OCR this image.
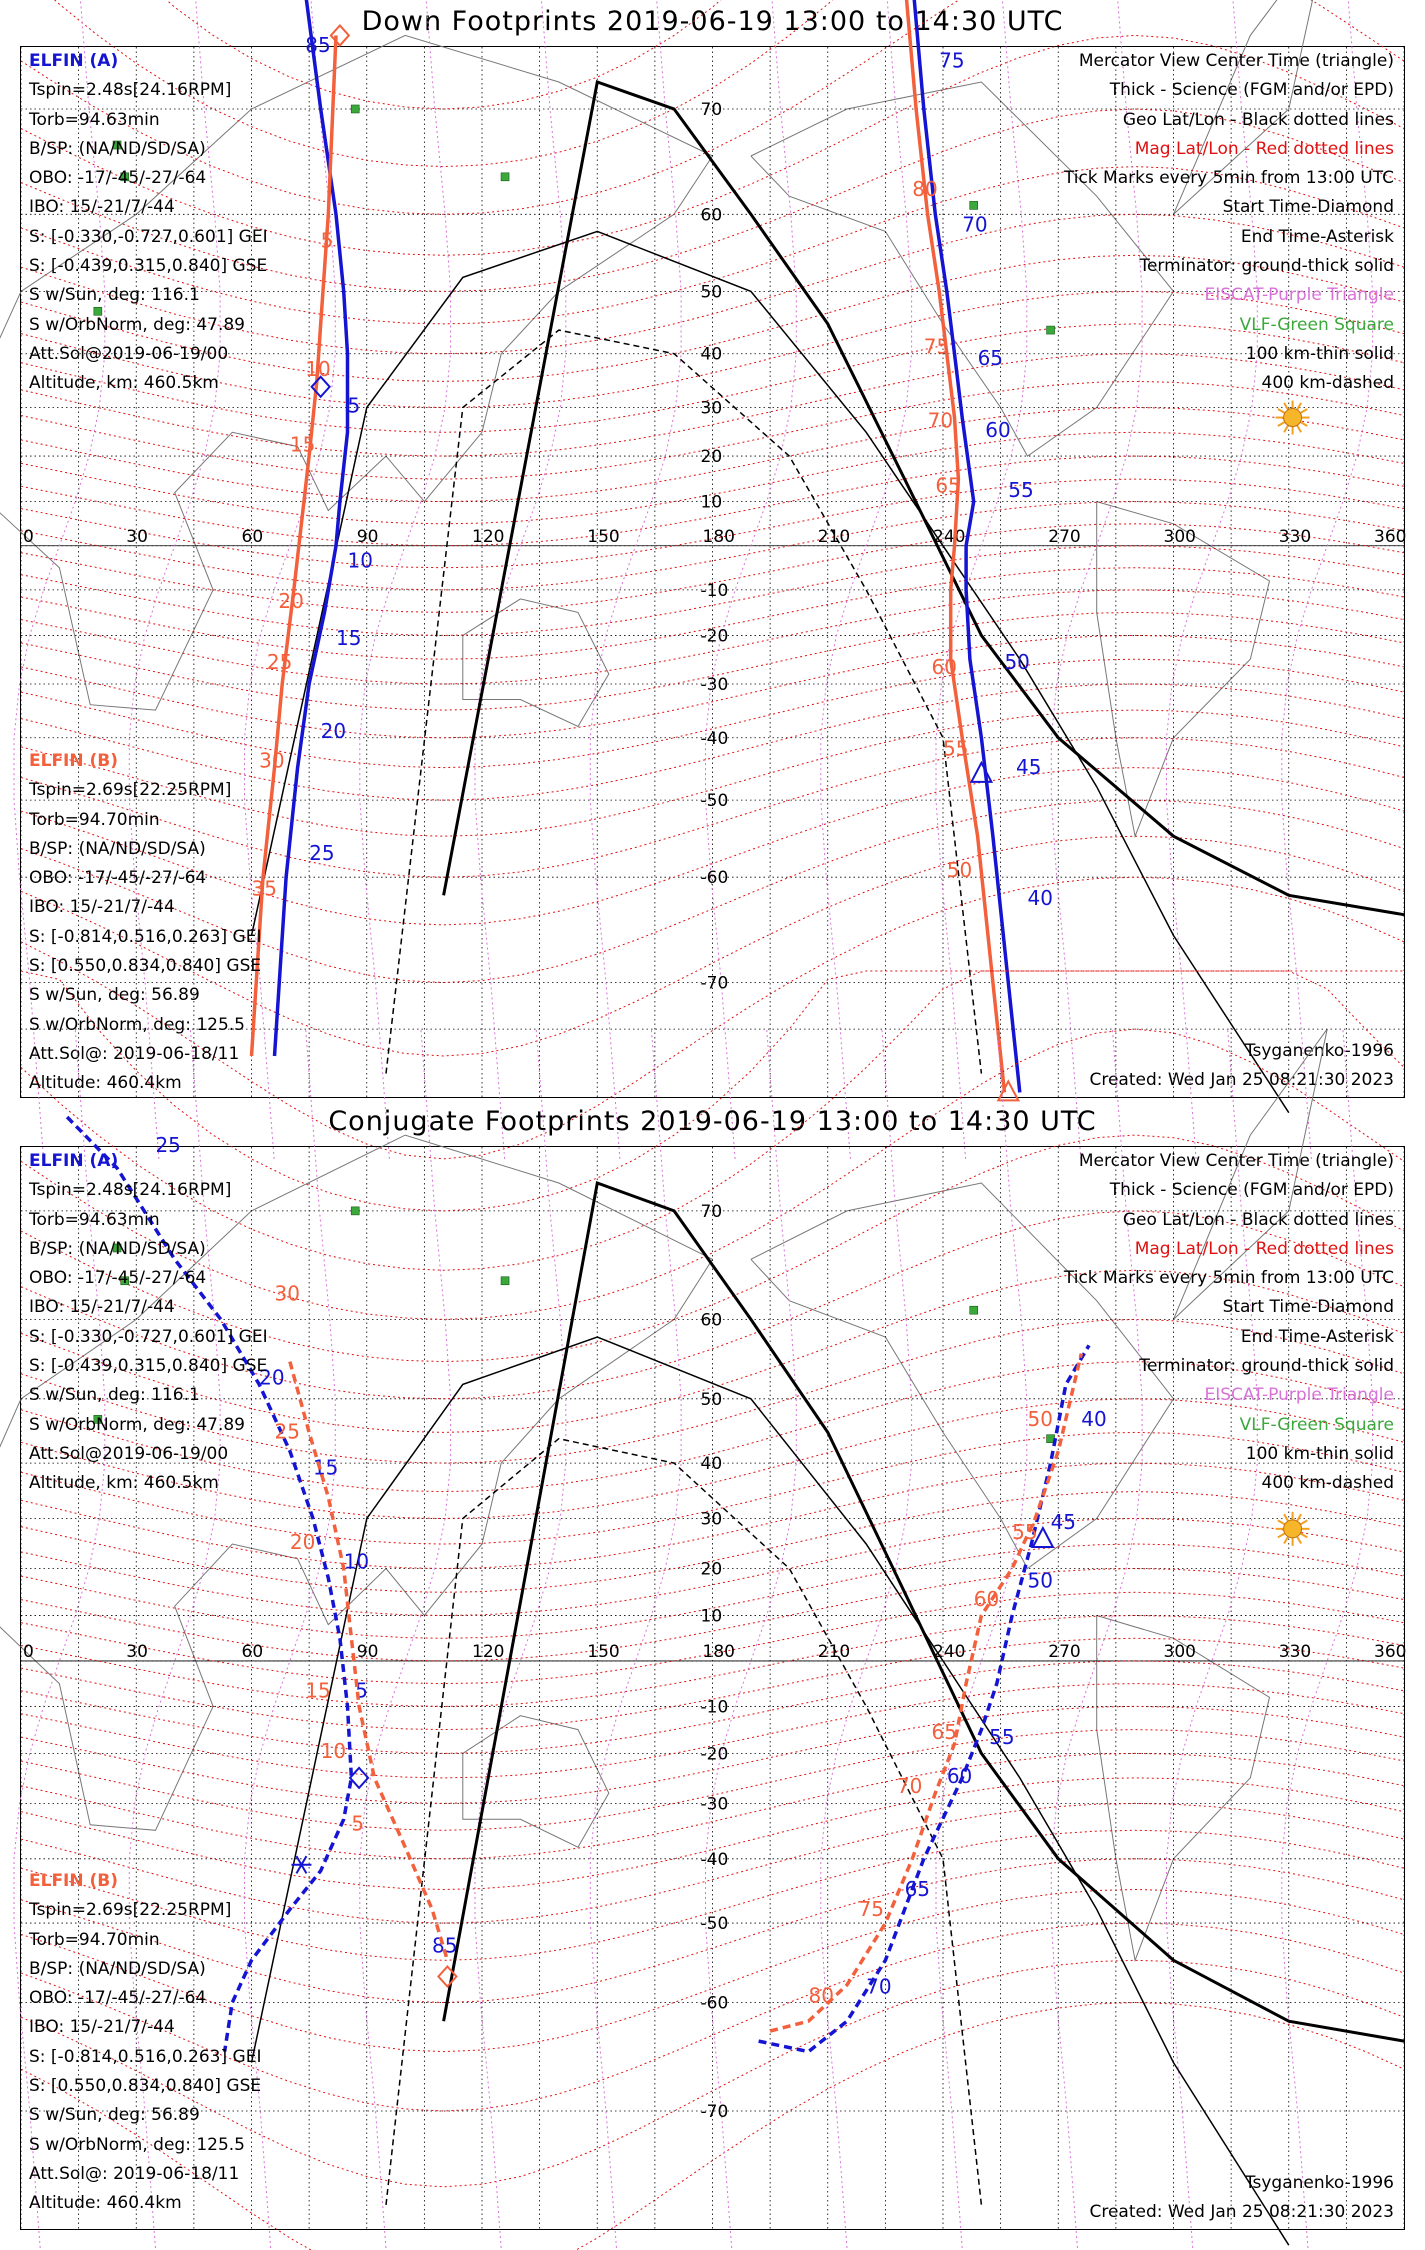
Down Footprints 2019-06-19 13:00 to 14:30 UTC
0	30	60	90	120	150	180	210	240	270	300	330	360
70
60
50
40
30
20
10
-10
-20
-30
-40
-50
-60
-70
85
5
10
15
20
25
75
70
65
60
55
50
45
40
5
10
15
20
25
30
35
80
75
70
65
60
55
50
ELFIN (A)
Tspin=2.48s[24.16RPM]
Torb=94.63min
B/SP: (NA/ND/SD/SA)
OBO: -17/-45/-27/-64
IBO: 15/-21/7/-44
S: [-0.330,-0.727,0.601] GEI
S: [-0.439,0.315,0.840] GSE
S w/Sun, deg: 116.1
S w/OrbNorm, deg: 47.89
Att.Sol@2019-06-19/00
Altitude, km: 460.5km
ELFIN (B)
Tspin=2.69s[22.25RPM]
Torb=94.70min
B/SP: (NA/ND/SD/SA)
OBO: -17/-45/-27/-64
IBO: 15/-21/7/-44
S: [-0.814,0.516,0.263] GEI
S: [0.550,0.834,0.840] GSE
S w/Sun, deg: 56.89
S w/OrbNorm, deg: 125.5
Att.Sol@: 2019-06-18/11
Altitude: 460.4km
Mercator View Center Time (triangle)
Thick - Science (FGM and/or EPD)
Geo Lat/Lon - Black dotted lines
Mag Lat/Lon - Red dotted lines
Tick Marks every 5min from 13:00 UTC
Start Time-Diamond
End Time-Asterisk
Terminator: ground-thick solid
EISCAT-Purple Triangle
VLF-Green Square
100 km-thin solid
400 km-dashed
Tsyganenko-1996
Created: Wed Jan 25 08:21:30 2023
Conjugate Footprints 2019-06-19 13:00 to 14:30 UTC
0	30	60	90	120	150	180	210	240	270	300	330	360
70
60
50
40
30
20
10
-10
-20
-30
-40
-50
-60
-70
25
20
15
10
5
85
70
65
60
55
50
45
40
30
25
20
15
10
5
80
75
70
65
60
55
50
ELFIN (A)
Tspin=2.48s[24.16RPM]
Torb=94.63min
B/SP: (NA/ND/SD/SA)
OBO: -17/-45/-27/-64
IBO: 15/-21/7/-44
S: [-0.330,-0.727,0.601] GEI
S: [-0.439,0.315,0.840] GSE
S w/Sun, deg: 116.1
S w/OrbNorm, deg: 47.89
Att.Sol@2019-06-19/00
Altitude, km: 460.5km
ELFIN (B)
Tspin=2.69s[22.25RPM]
Torb=94.70min
B/SP: (NA/ND/SD/SA)
OBO: -17/-45/-27/-64
IBO: 15/-21/7/-44
S: [-0.814,0.516,0.263] GEI
S: [0.550,0.834,0.840] GSE
S w/Sun, deg: 56.89
S w/OrbNorm, deg: 125.5
Att.Sol@: 2019-06-18/11
Altitude: 460.4km
Mercator View Center Time (triangle)
Thick - Science (FGM and/or EPD)
Geo Lat/Lon - Black dotted lines
Mag Lat/Lon - Red dotted lines
Tick Marks every 5min from 13:00 UTC
Start Time-Diamond
End Time-Asterisk
Terminator: ground-thick solid
EISCAT-Purple Triangle
VLF-Green Square
100 km-thin solid
400 km-dashed
Tsyganenko-1996
Created: Wed Jan 25 08:21:30 2023
